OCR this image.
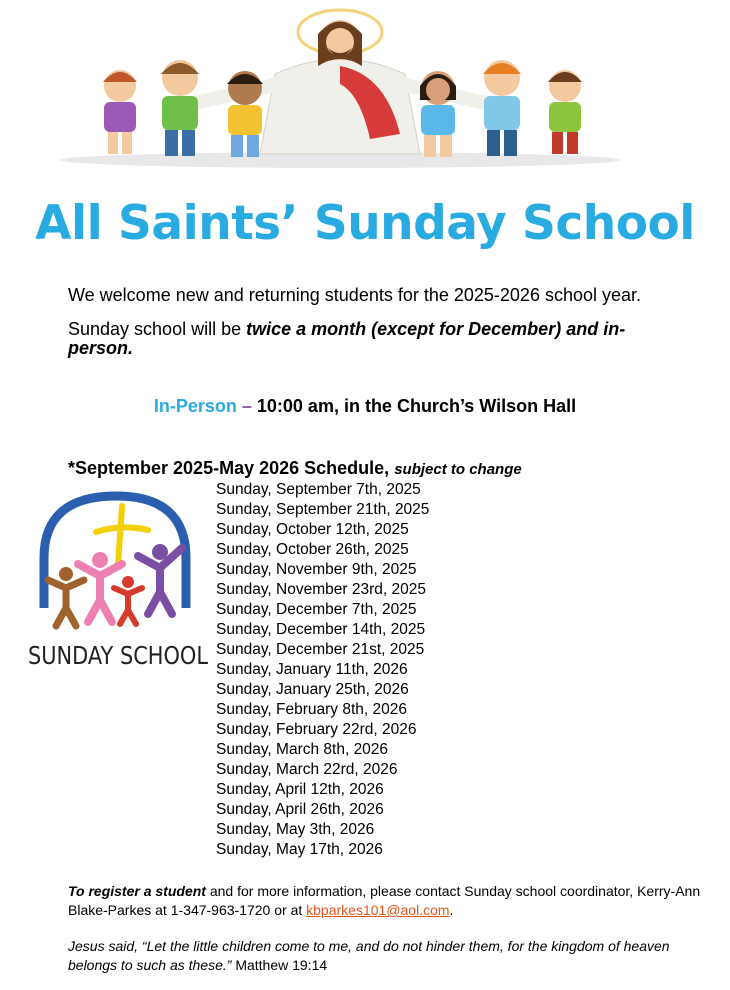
All Saints’ Sunday School
We welcome new and returning students for the 2025-2026 school year.
Sunday school will be twice a month (except for December) and in-person.
In-Person – 10:00 am, in the Church’s Wilson Hall
*September 2025-May 2026 Schedule, subject to change
SUNDAY SCHOOL
Sunday, September 7th, 2025
Sunday, September 21th, 2025
Sunday, October 12th, 2025
Sunday, October 26th, 2025
Sunday, November 9th, 2025
Sunday, November 23rd, 2025
Sunday, December 7th, 2025
Sunday, December 14th, 2025
Sunday, December 21st, 2025
Sunday, January 11th, 2026
Sunday, January 25th, 2026
Sunday, February 8th, 2026
Sunday, February 22rd, 2026
Sunday, March 8th, 2026
Sunday, March 22rd, 2026
Sunday, April 12th, 2026
Sunday, April 26th, 2026
Sunday, May 3th, 2026
Sunday, May 17th, 2026
To register a student and for more information, please contact Sunday school coordinator, Kerry-Ann Blake-Parkes at 1-347-963-1720 or at kbparkes101@aol.com.
Jesus said, “Let the little children come to me, and do not hinder them, for the kingdom of heaven belongs to such as these.” Matthew 19:14
